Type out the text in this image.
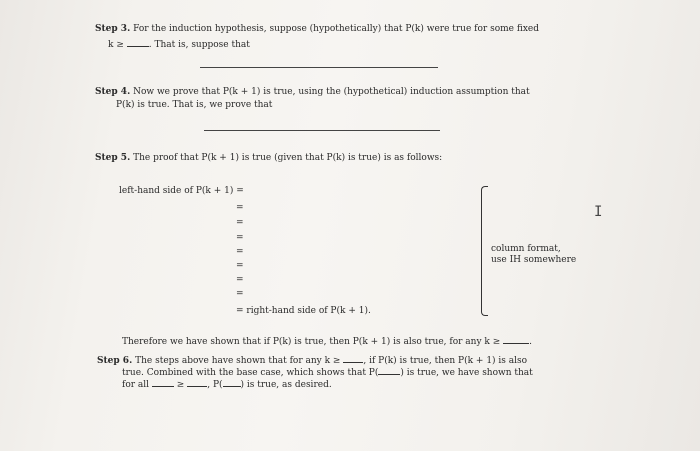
Step 3. For the induction hypothesis, suppose (hypothetically) that P(k) were true for some fixed
k ≥	. That is, suppose that
Step 4. Now we prove that P(k + 1) is true, using the (hypothetical) induction assumption that
P(k) is true. That is, we prove that
Step 5. The proof that P(k + 1) is true (given that P(k) is true) is as follows:
left-hand side of P(k + 1) =
=
=
=
=
=
=
=
= right-hand side of P(k + 1).
column format,
use IH somewhere
I
Therefore we have shown that if P(k) is true, then P(k + 1) is also true, for any k ≥	.
Step 6. The steps above have shown that for any k ≥	, if P(k) is true, then P(k + 1) is also
true. Combined with the base case, which shows that P( ) is true, we have shown that
for all	≥	, P( ) is true, as desired.
